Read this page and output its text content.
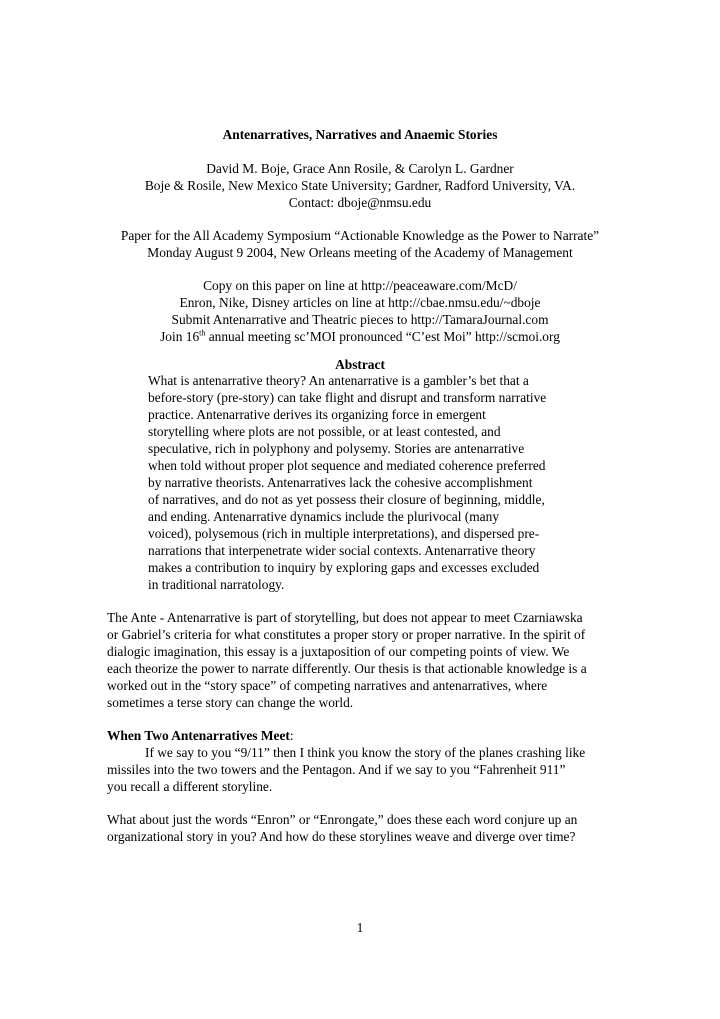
Antenarratives, Narratives and Anaemic Stories
David M. Boje, Grace Ann Rosile, & Carolyn L. Gardner
Boje & Rosile, New Mexico State University; Gardner, Radford University, VA.
Contact: dboje@nmsu.edu
Paper for the All Academy Symposium “Actionable Knowledge as the Power to Narrate”
Monday August 9 2004, New Orleans meeting of the Academy of Management
Copy on this paper on line at http://peaceaware.com/McD/
Enron, Nike, Disney articles on line at http://cbae.nmsu.edu/~dboje
Submit Antenarrative and Theatric pieces to http://TamaraJournal.com
Join 16th annual meeting sc’MOI pronounced “C’est Moi” http://scmoi.org
Abstract
What is antenarrative theory? An antenarrative is a gambler’s bet that a
before-story (pre-story) can take flight and disrupt and transform narrative
practice. Antenarrative derives its organizing force in emergent
storytelling where plots are not possible, or at least contested, and
speculative, rich in polyphony and polysemy. Stories are antenarrative
when told without proper plot sequence and mediated coherence preferred
by narrative theorists. Antenarratives lack the cohesive accomplishment
of narratives, and do not as yet possess their closure of beginning, middle,
and ending. Antenarrative dynamics include the plurivocal (many
voiced), polysemous (rich in multiple interpretations), and dispersed pre-
narrations that interpenetrate wider social contexts. Antenarrative theory
makes a contribution to inquiry by exploring gaps and excesses excluded
in traditional narratology.
The Ante - Antenarrative is part of storytelling, but does not appear to meet Czarniawska
or Gabriel’s criteria for what constitutes a proper story or proper narrative. In the spirit of
dialogic imagination, this essay is a juxtaposition of our competing points of view. We
each theorize the power to narrate differently. Our thesis is that actionable knowledge is a
worked out in the “story space” of competing narratives and antenarratives, where
sometimes a terse story can change the world.
When Two Antenarratives Meet:
If we say to you “9/11” then I think you know the story of the planes crashing like
missiles into the two towers and the Pentagon. And if we say to you “Fahrenheit 911”
you recall a different storyline.
What about just the words “Enron” or “Enrongate,” does these each word conjure up an
organizational story in you? And how do these storylines weave and diverge over time?
1
